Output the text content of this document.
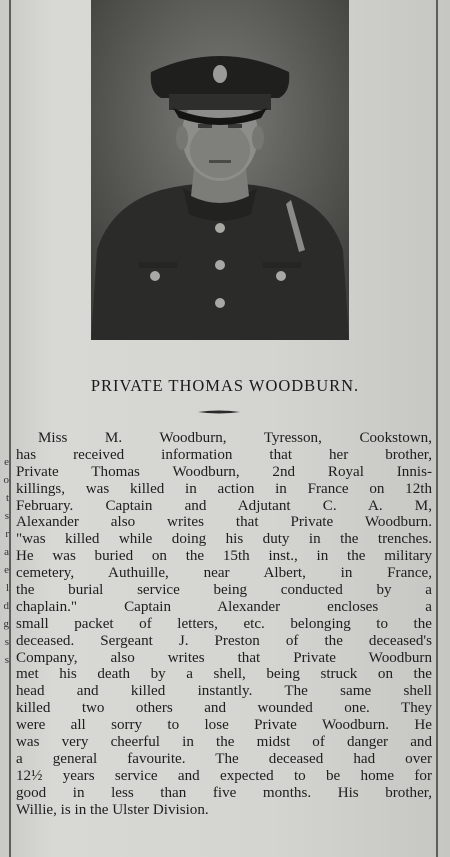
e
o
t
s
r
a
e
l
d
g
s
s
PRIVATE THOMAS WOODBURN.
Miss M. Woodburn, Tyresson, Cookstown,
has received information that her brother,
Private Thomas Woodburn, 2nd Royal Innis-
killings, was killed in action in France on 12th
February. Captain and Adjutant C. A. M,
Alexander also writes that Private Woodburn.
"was killed while doing his duty in the trenches.
He was buried on the 15th inst., in the military
cemetery, Authuille, near Albert, in France,
the burial service being conducted by a
chaplain." Captain Alexander encloses a
small packet of letters, etc. belonging to the
deceased. Sergeant J. Preston of the deceased's
Company, also writes that Private Woodburn
met his death by a shell, being struck on the
head and killed instantly. The same shell
killed two others and wounded one. They
were all sorry to lose Private Woodburn. He
was very cheerful in the midst of danger and
a general favourite. The deceased had over
12½ years service and expected to be home for
good in less than five months. His brother,
Willie, is in the Ulster Division.
